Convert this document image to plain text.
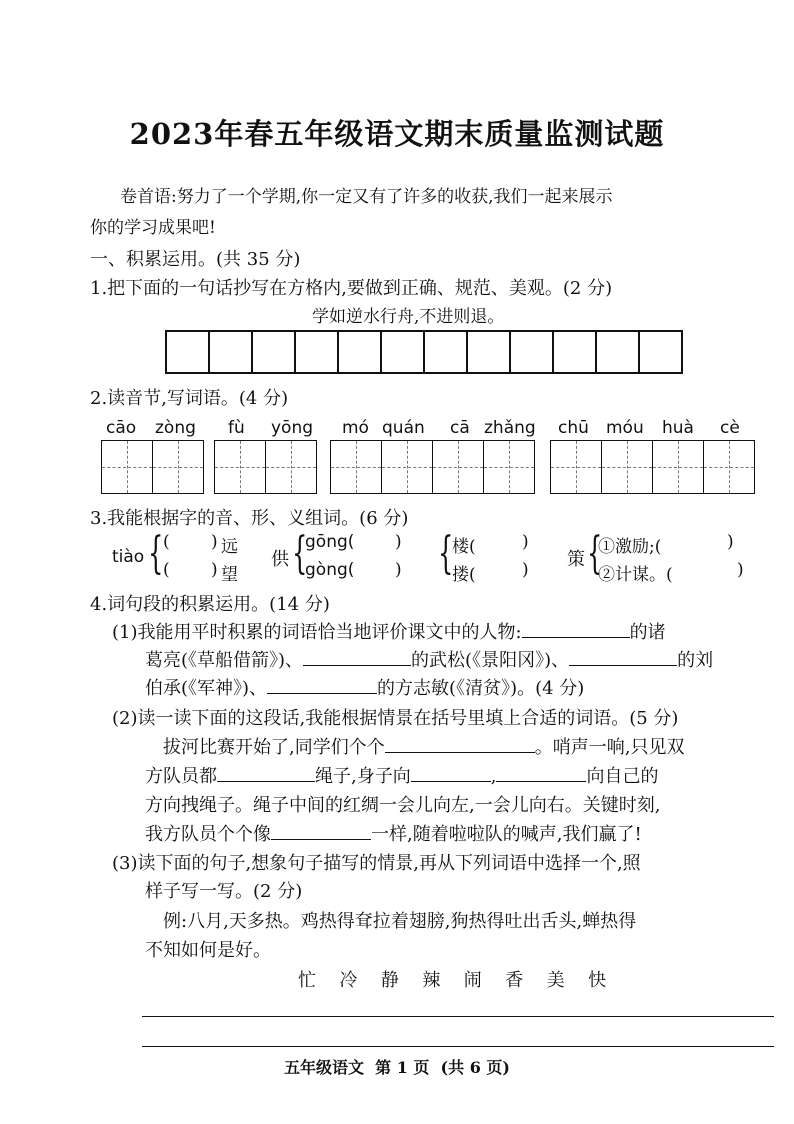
2023年春五年级语文期末质量监测试题
卷首语:努力了一个学期,你一定又有了许多的收获,我们一起来展示
你的学习成果吧!
一、积累运用。(共 35 分)
1.把下面的一句话抄写在方格内,要做到正确、规范、美观。(2 分)
学如逆水行舟,不进则退。
2.读音节,写词语。(4 分)
cāo zòng fù yōng mó quán cā zhǎng chū móu huà cè
3.我能根据字的音、形、义组词。(6 分)
tiào { ( ) 远
( ) 望
供 {
gōng( )
gòng( ) {
楼(	)
搂(	) 策 {
①激励;(	)
②计谋。(	)
4.词句段的积累运用。(14 分)
(1)我能用平时积累的词语恰当地评价课文中的人物:	的诸
葛亮(《草船借箭》)、	的武松(《景阳冈》)、	的刘
伯承(《军神》)、	的方志敏(《清贫》)。(4 分)
(2)读一读下面的这段话,我能根据情景在括号里填上合适的词语。(5 分)
拔河比赛开始了,同学们个个	。哨声一响,只见双
方队员都	绳子,身子向	,	向自己的
方向拽绳子。绳子中间的红绸一会儿向左,一会儿向右。关键时刻,
我方队员个个像	一样,随着啦啦队的喊声,我们赢了!
(3)读下面的句子,想象句子描写的情景,再从下列词语中选择一个,照
样子写一写。(2 分)
例:八月,天多热。鸡热得耷拉着翅膀,狗热得吐出舌头,蝉热得
不知如何是好。
忙  冷  静  辣  闹  香  美  快
五年级语文  第 1 页  (共 6 页)
